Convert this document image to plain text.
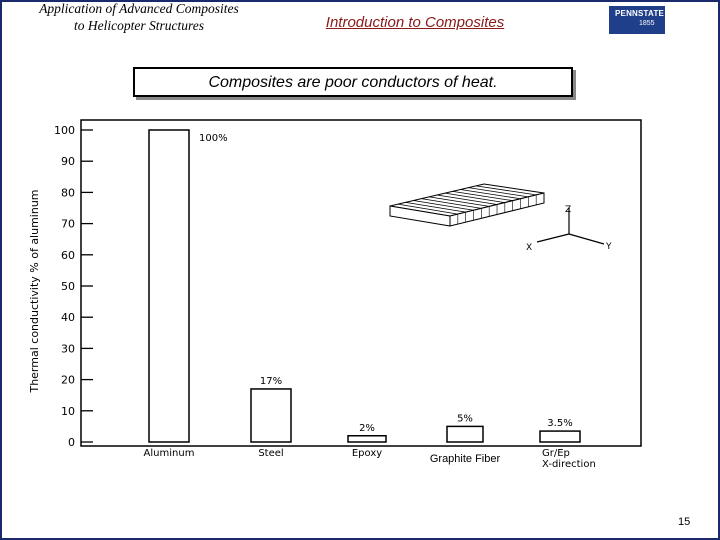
Application of Advanced Composites
to Helicopter Structures	Introduction to Composites
PENNSTATE
1855
Composites are poor conductors of heat.
Thermal conductivity % of aluminum	Z
X	Y
0
10
20
30
40
50
60
70
80
90
100
100%
17%
2%
5%	3.5%
Aluminum	Steel	Epoxy	Graphite Fiber	Gr/Ep
X-direction
15
